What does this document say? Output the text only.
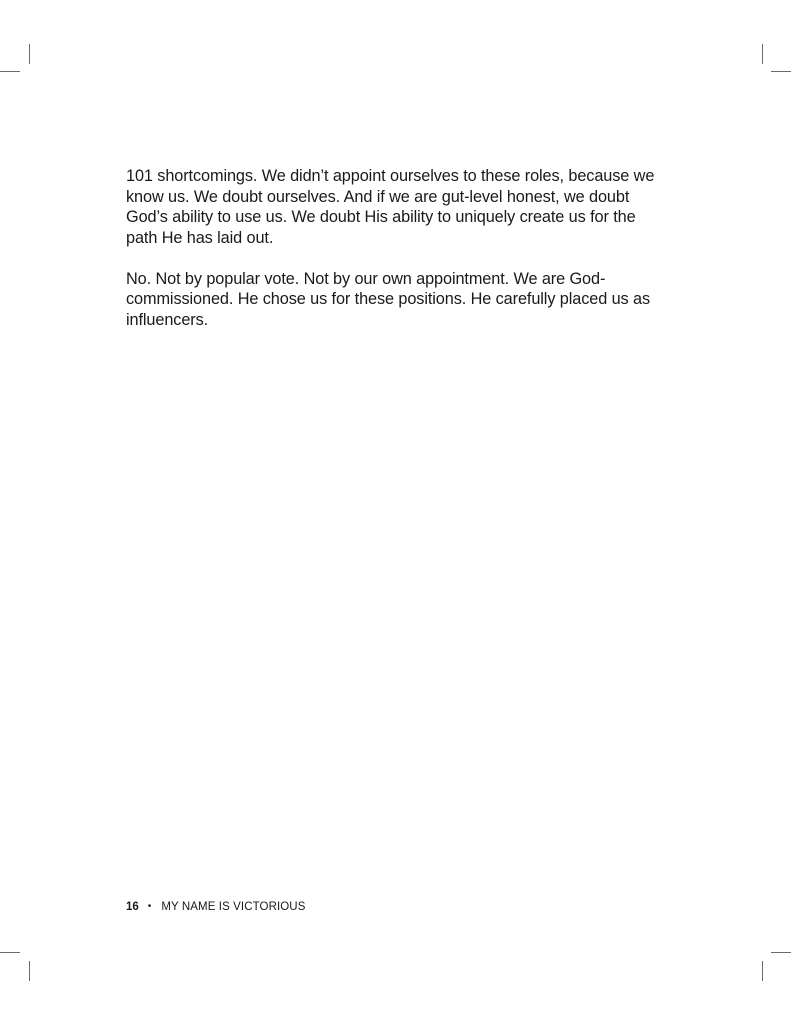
101 shortcomings. We didn’t appoint ourselves to these roles, because we
know us. We doubt ourselves. And if we are gut-level honest, we doubt
God’s ability to use us. We doubt His ability to uniquely create us for the
path He has laid out.

No. Not by popular vote. Not by our own appointment. We are God-
commissioned. He chose us for these positions. He carefully placed us as
influencers.

16 • MY NAME IS VICTORIOUS
